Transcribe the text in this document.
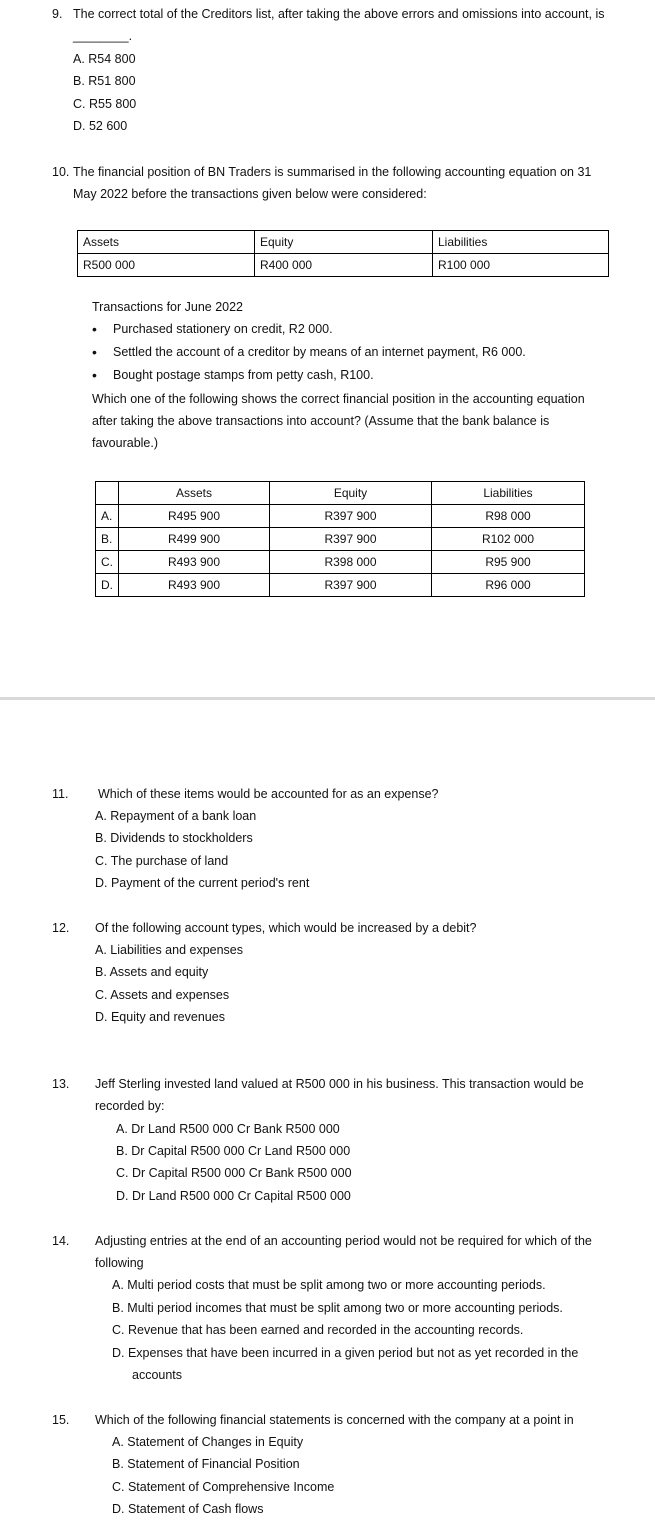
9. The correct total of the Creditors list, after taking the above errors and omissions into account, is
________.
A. R54 800
B. R51 800
C. R55 800
D. 52 600
10. The financial position of BN Traders is summarised in the following accounting equation on 31
May 2022 before the transactions given below were considered:
Assets	Equity	Liabilities
R500 000	R400 000	R100 000
Transactions for June 2022
• Purchased stationery on credit, R2 000.
• Settled the account of a creditor by means of an internet payment, R6 000.
• Bought postage stamps from petty cash, R100.
Which one of the following shows the correct financial position in the accounting equation
after taking the above transactions into account? (Assume that the bank balance is
favourable.)
	Assets	Equity	Liabilities
A.	R495 900	R397 900	R98 000
B.	R499 900	R397 900	R102 000
C.	R493 900	R398 000	R95 900
D.	R493 900	R397 900	R96 000
11. Which of these items would be accounted for as an expense?
A. Repayment of a bank loan
B. Dividends to stockholders
C. The purchase of land
D. Payment of the current period's rent
12. Of the following account types, which would be increased by a debit?
A. Liabilities and expenses
B. Assets and equity
C. Assets and expenses
D. Equity and revenues
13. Jeff Sterling invested land valued at R500 000 in his business. This transaction would be
recorded by:
A. Dr Land R500 000 Cr Bank R500 000
B. Dr Capital R500 000 Cr Land R500 000
C. Dr Capital R500 000 Cr Bank R500 000
D. Dr Land R500 000 Cr Capital R500 000
14. Adjusting entries at the end of an accounting period would not be required for which of the
following
A. Multi period costs that must be split among two or more accounting periods.
B. Multi period incomes that must be split among two or more accounting periods.
C. Revenue that has been earned and recorded in the accounting records.
D. Expenses that have been incurred in a given period but not as yet recorded in the
accounts
15. Which of the following financial statements is concerned with the company at a point in
A. Statement of Changes in Equity
B. Statement of Financial Position
C. Statement of Comprehensive Income
D. Statement of Cash flows
